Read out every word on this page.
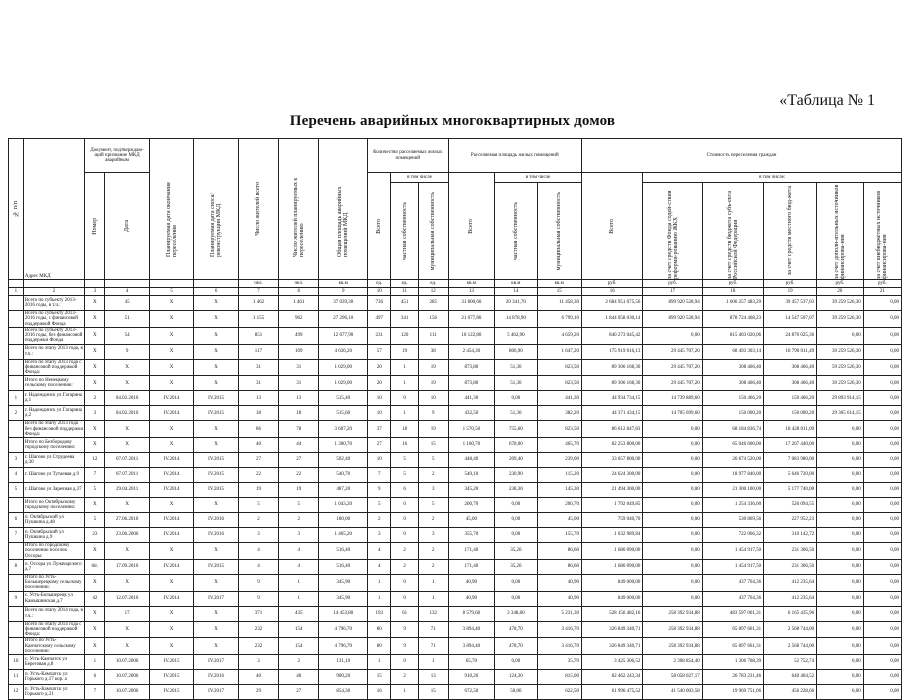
«Таблица № 1
Перечень аварийных многоквартирных домов
№ п/п	Адрес МКД	Документ, подтверждаю-щий признание МКД аварийным		Планируемая дата окончания переселения	Планируемая дата сноса/реконструкции МКД	Число жителей всего	Число жителей планируемых к переселению	Общая площадь аварийных помещений МКД	Количество расселяемых жилых помещений			Расселяемая площадь жилых помещений			Стоимость переселения граждан					

		Номер	Дата						Всего	в том числе		Всего	в том числе		Всего	в том числе:				

										частная собственность	муниципальная собственность		частная собственность	муниципальная собственность		за счет средств Фонда содей-ствия реформи-рованию ЖКХ	за счет средств бюджета субъ-екта Российской Федерации	за счет средств местного бюд-жета	за счет дополн-ительных источников финансирова-ния	за счет внебюджетных источников финансирова-ния

						чел.	чел.	кв.м	ед.	ед.	ед.	кв.м	кв.м	кв.м	руб.	руб.	руб.	руб.	руб.	руб.
1	2	3	4	5	6	7	8	9	10	11	12	13	14	15	16	17	18	19	20	21
	Всего по субъекту 2013-2016 годы, в т.ч.:	X	45	X	X	1 462	1 461	37 039,30	736	451	285	31 800,60	20 341,70	11 458,30	2 684 951 075,56	899 920 528,94	1 606 257 483,29	39 457 537,03	39 259 526,30	0,00
	Всего по субъекту 2013-2016 годы, с финансовой поддержкой Фонда	X	51	X	X	1 155	962	27 296,10	497	341	156	21 677,80	14 878,90	6 799,10	1 844 058 030,14	899 920 528,94	878 724 468,23	14 547 507,07	39 259 526,30	0,00
	Всего по субъекту 2013-2016 годы, без финансовой поддержки Фонда	X	54	X	X	851	499	12 677,90	231	120	111	10 122,80	5 462,90	4 659,20	840 273 045,42	0,00	815 403 020,06	24 870 025,36	0,00	0,00
	Всего по этапу 2013 года, в т.ч.:	X	9	X	X	117	109	4 636,20	57	19	38	2 454,30	806,90	1 647,20	175 919 016,13	29 445 707,20	68 493 303,14	18 790 011,49	39 259 526,30	0,00
	Всего по этапу 2013 года с финансовой поддержкой Фонда:	X	X	X	X	31	31	1 029,00	20	1	19	873,80	51,30	823,50	89 306 168,30	29 445 707,20	308 466,40	308 466,40	59 259 526,30	0,00
	Итого по Ненецкому сельскому поселению:	X	X	X	X	31	31	1 029,00	20	1	19	873,80	51,30	823,50	89 306 168,30	29 445 707,20	308 466,40	308 466,40	39 259 526,30	0,00
1	г. Надеждинск ул Гагарина д.1	2	04.02.2010	IV.2014	IV.2015	13	13	515,40	10	0	10	441,30	0,00	441,30	44 934 734,15	14 739 889,60	150 466,20	150 466,20	29 893 914,15	0,00
2	г. Надеждинск ул Гагарина д.2	3	04.02.2010	IV.2014	IV.2015	18	18	515,60	10	1	9	432,50	51,30	382,20	44 371 434,15	14 705 699,60	150 000,20	150 000,20	29 365 614,15	0,00
	Всего по этапу 2013 года без финансовой поддержки Фонда:	X	X	X	X	86	78	3 607,20	37	18	19	1 570,50	755,60	823,50	86 612 847,83	0,00	68 184 836,74	18 428 011,09	0,00	0,00
	Итого по Безбородову городскому поселению:	X	X	X	X	40	44	1 300,70	27	16	15	1 160,70	678,00	465,70	82 253 800,00	0,00	65 046 600,00	17 207 440,00	0,00	0,00
3	г. Шагово ул Струдеева д.30	12	07.07.2011	IV.2014	IV.2015	27	27	502,40	10	5	5	448,40	209,40	239,00	33 657 800,00	0,00	26 674 520,00	7 083 980,00	0,00	0,00
4	г. Шагово ул Тутаевая д.9	7	07.07.2011	IV.2014	IV.2015	22	22	540,70	7	5	2	540,10	230,90	115,20	24 624 300,00	0,00	18 977 840,00	5 646 720,00	0,00	0,00
5	г. Шагово ул Заречная д.37	5	29.04.2011	IV.2014	IV.2015	19	19	487,20	9	6	3	345,20	238,30	145,30	21 494 300,00	0,00	21 300 100,00	5 177 740,00	0,00	0,00
	Итого по Октябрьскому городскому поселению:	X	X	X	X	5	5	1 043,20	5	0	5	200,70	0,00	200,70	1 792 049,85	0,00	1 254 336,00	526 094,55	0,00	0,00
6	п. Октябрьский ул Пушкина д.48	5	27.06.2010	IV.2014	IV.2016	2	2	180,00	2	0	2	45,00	0,00	45,00	759 040,70	0,00	530 869,56	227 952,23	0,00	0,00
7	п. Октябрьский ул Пушкина д.9	23	23.06.2006	IV.2014	IV.2016	3	3	1 465,20	3	0	3	355,70	0,00	155,70	1 032 989,84	0,00	722 066,32	310 142,72	0,00	0,00
	Итого по городскому поселению поселок Оссоры:	X	X	X	X	4	4	516,40	4	2	2	171,40	35,20	86,60	1 686 090,00	0,00	1 454 917,50	231 306,50	0,00	0,00
8	п. Оссора ул Луначарского д.7	6tr.	17.09.2010	IV.2014	IV.2015	4	4	516,40	4	2	2	171,40	35,20	86,60	1 686 090,00	0,00	1 454 917,50	231 306,50	0,00	0,00
	Итого по Усть-Большерецкому сельскому поселению:	X	X	X	X	9	1	345,90	1	0	1	40,90	0,00	40,90	849 000,00	0,00	437 764,36	412 235,64	0,00	0,00
9	с. Усть-Большерецк ул Камышинская д.7	42	12.07.2010	IV.2014	IV.2017	9	1	345,90	1	0	1	40,90	0,00	40,90	849 000,00	0,00	437 764,36	412 235,64	0,00	0,00
	Всего по этапу 2014 года, в т.ч.:	X	17	X	X	371	435	14 453,80	193	61	132	8 579,60	3 348,60	5 231,30	528 156 482,16	258 392 934,88	483 597 061,31	6 165 435,96	0,00	0,00
	Всего по этапу 2014 года с финансовой поддержкой Фонда:	X	X	X	X	232	154	4 796,70	80	9	71	3 894,40	478,70	3 416,70	326 849 340,71	258 392 934,88	65 897 661,31	2 568 744,00	0,00	0,00
	Итого по Усть-Камчатскому сельскому поселению:	X	X	X	X	232	154	4 796,70	80	9	71	3 894,40	478,70	3 416,70	326 849 340,71	258 392 934,88	65 897 661,31	2 568 744,00	0,00	0,00
10	с. Усть-Камчатск ул Береговая д.8	1	10.07.2006	IV.2015	IV.2017	3	2	131,10	1	0	1	65,70	0,00	35,70	3 425 306,52	2 308 854,40	1 306 708,39	52 752,74	0,00	0,00
11	п. Усть-Камчатск ул Горького д.17 кор. а	6	10.07.2006	IV.2015	IV.2016	40	40	900,20	15	2	13	910,20	124,30	815,00	82 462 243,34	58 058 027,17	26 783 231,46	640 404,52	0,00	0,00
12	п. Усть-Камчатск ул Горького д.31	7	10.07.2006	IV.2015	IV.2017	29	27	854,30	16	1	15	672,50	50,00	622,50	61 996 475,52	41 540 003,58	19 969 751,06	456 228,66	0,00	0,00
